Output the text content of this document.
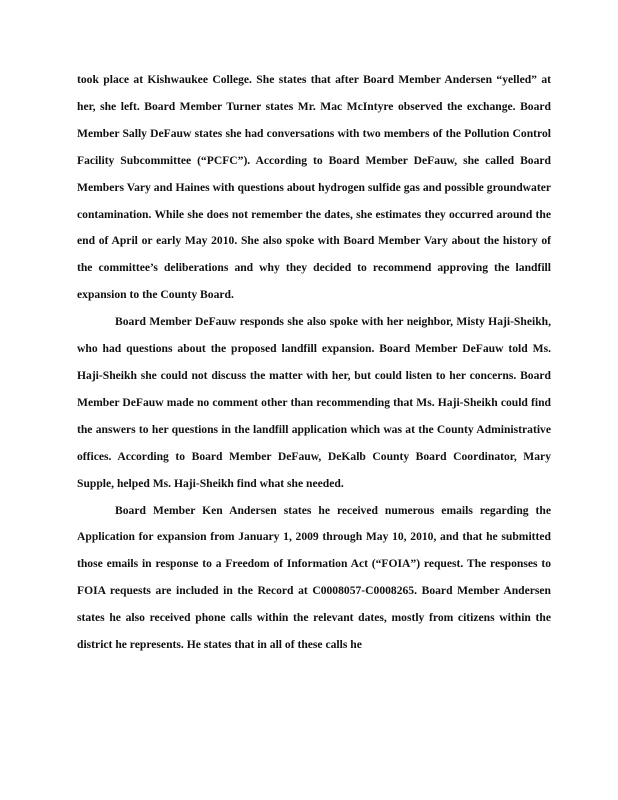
took place at Kishwaukee College. She states that after Board Member Andersen “yelled” at her, she left. Board Member Turner states Mr. Mac McIntyre observed the exchange. Board Member Sally DeFauw states she had conversations with two members of the Pollution Control Facility Subcommittee (“PCFC”). According to Board Member DeFauw, she called Board Members Vary and Haines with questions about hydrogen sulfide gas and possible groundwater contamination. While she does not remember the dates, she estimates they occurred around the end of April or early May 2010. She also spoke with Board Member Vary about the history of the committee’s deliberations and why they decided to recommend approving the landfill expansion to the County Board.

Board Member DeFauw responds she also spoke with her neighbor, Misty Haji-Sheikh, who had questions about the proposed landfill expansion. Board Member DeFauw told Ms. Haji-Sheikh she could not discuss the matter with her, but could listen to her concerns. Board Member DeFauw made no comment other than recommending that Ms. Haji-Sheikh could find the answers to her questions in the landfill application which was at the County Administrative offices. According to Board Member DeFauw, DeKalb County Board Coordinator, Mary Supple, helped Ms. Haji-Sheikh find what she needed.

Board Member Ken Andersen states he received numerous emails regarding the Application for expansion from January 1, 2009 through May 10, 2010, and that he submitted those emails in response to a Freedom of Information Act (“FOIA”) request. The responses to FOIA requests are included in the Record at C0008057-C0008265. Board Member Andersen states he also received phone calls within the relevant dates, mostly from citizens within the district he represents. He states that in all of these calls he
